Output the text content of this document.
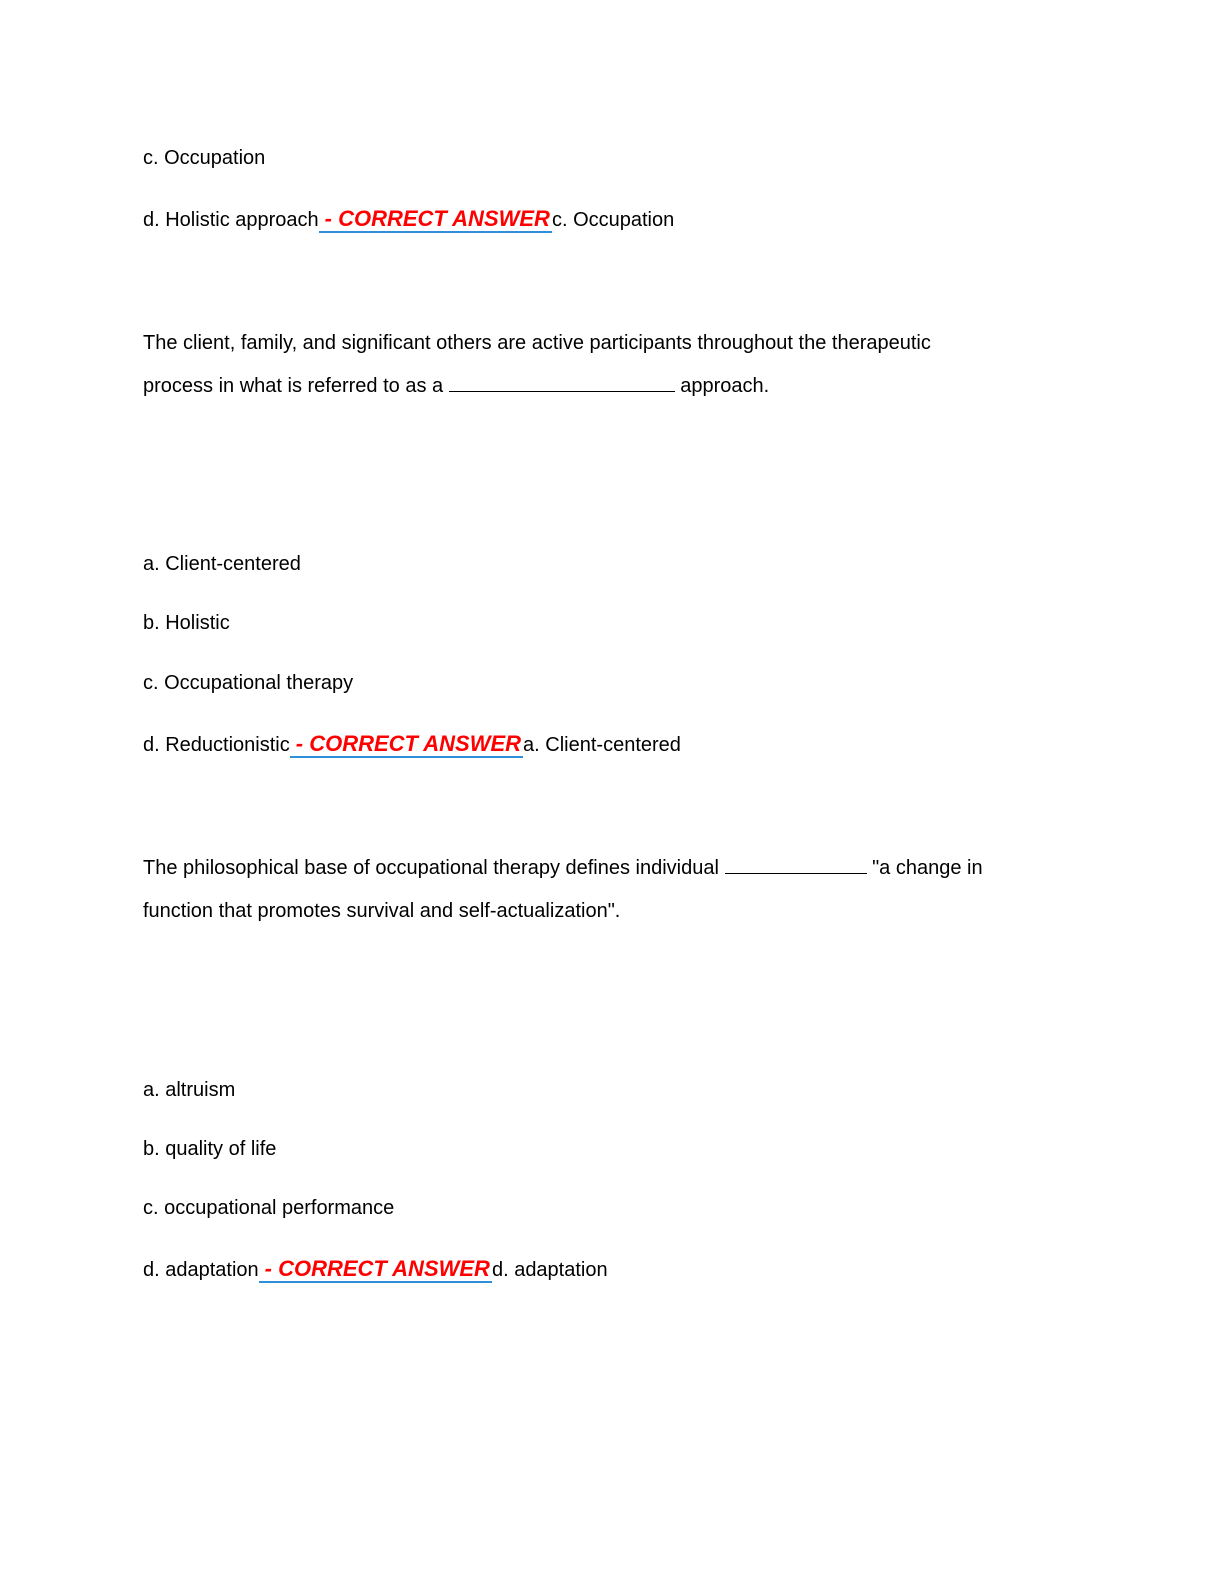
c. Occupation
d. Holistic approach - CORRECT ANSWER c. Occupation
The client, family, and significant others are active participants throughout the therapeutic
process in what is referred to as a	approach.
a. Client-centered
b. Holistic
c. Occupational therapy
d. Reductionistic - CORRECT ANSWER a. Client-centered
The philosophical base of occupational therapy defines individual	"a change in
function that promotes survival and self-actualization".
a. altruism
b. quality of life
c. occupational performance
d. adaptation - CORRECT ANSWER d. adaptation
